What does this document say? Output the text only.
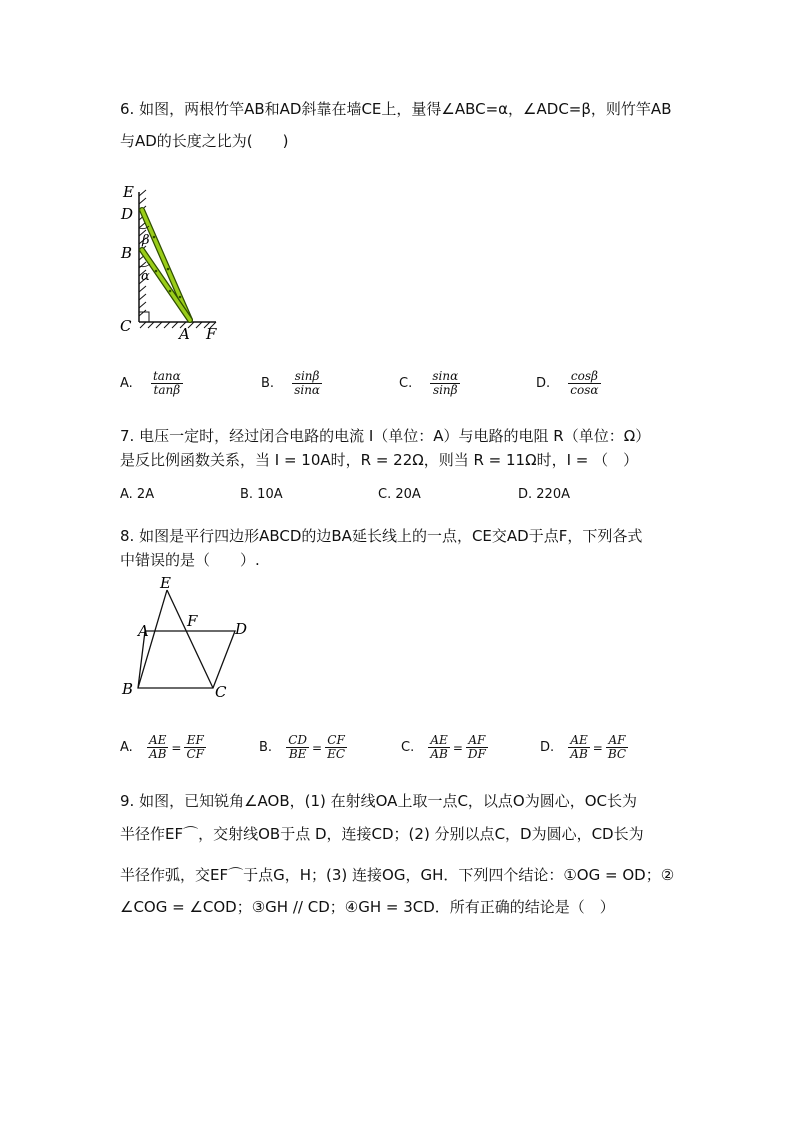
6. 如图，两根竹竿AB和AD斜靠在墙CE上，量得∠ABC=α，∠ADC=β，则竹竿AB
与AD的长度之比为(　　)
E
D
β
B
α
C	A F
A. $\frac{\tan\alpha}{\tan\beta}$	B. $\frac{\sin\beta}{\sin\alpha}$	C. $\frac{\sin\alpha}{\sin\beta}$	D. $\frac{\cos\beta}{\cos\alpha}$
7. 电压一定时，经过闭合电路的电流 I（单位：A）与电路的电阻 R（单位：Ω）
是反比例函数关系，当 I = 10A时，R = 22Ω，则当 R = 11Ω时，I = （　）
A. 2A	B. 10A	C. 20A	D. 220A
8. 如图是平行四边形ABCD的边BA延长线上的一点，CE交AD于点F，下列各式
中错误的是（　　）.
E
A
F	D
B	C
A. $\frac{AE}{AB} = \frac{EF}{CF}$	B. $\frac{CD}{BE} = \frac{CF}{EC}$	C. $\frac{AE}{AB} = \frac{AF}{DF}$	D. $\frac{AE}{AB} = \frac{AF}{BC}$
9. 如图，已知锐角∠AOB，(1) 在射线OA上取一点C，以点O为圆心，OC长为
半径作EF⌒，交射线OB于点 D，连接CD；(2) 分别以点C，D为圆心，CD长为
半径作弧，交EF⌒于点G，H；(3) 连接OG，GH．下列四个结论：①OG = OD；②
∠COG = ∠COD；③GH // CD；④GH = 3CD．所有正确的结论是（　）
